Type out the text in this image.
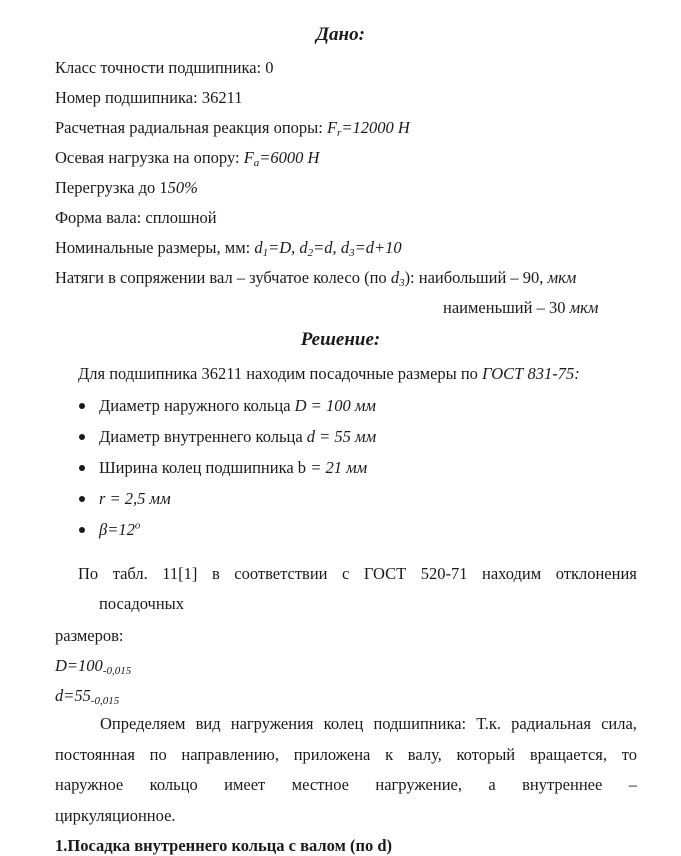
Дано:
Класс точности подшипника: 0
Номер подшипника: 36211
Расчетная радиальная реакция опоры: $F_r=12000$ Н
Осевая нагрузка на опору: $F_a=6000$ Н
Перегрузка до 150%
Форма вала: сплошной
Номинальные размеры, мм: $d_1=D$, $d_2=d$, $d_3=d+10$
Натяги в сопряжении вал – зубчатое колесо (по $d_3$): наибольший – 90, мкм
наименьший – 30 мкм
Решение:
Для подшипника 36211 находим посадочные размеры по ГОСТ 831-75:
Диаметр наружного кольца D = 100 мм
Диаметр внутреннего кольца d = 55 мм
Ширина колец подшипника b = 21 мм
r = 2,5 мм
$\beta=12^о$
По табл. 11[1] в соответствии с ГОСТ 520-71 находим отклонения
посадочных
размеров:
$D=100_{-0,015}$
$d=55_{-0,015}$
Определяем вид нагружения колец подшипника: Т.к. радиальная сила,
постоянная по направлению, приложена к валу, который вращается, то
наружное кольцо имеет местное нагружение, а внутреннее –
циркуляционное.
1.Посадка внутреннего кольца с валом (по d)
